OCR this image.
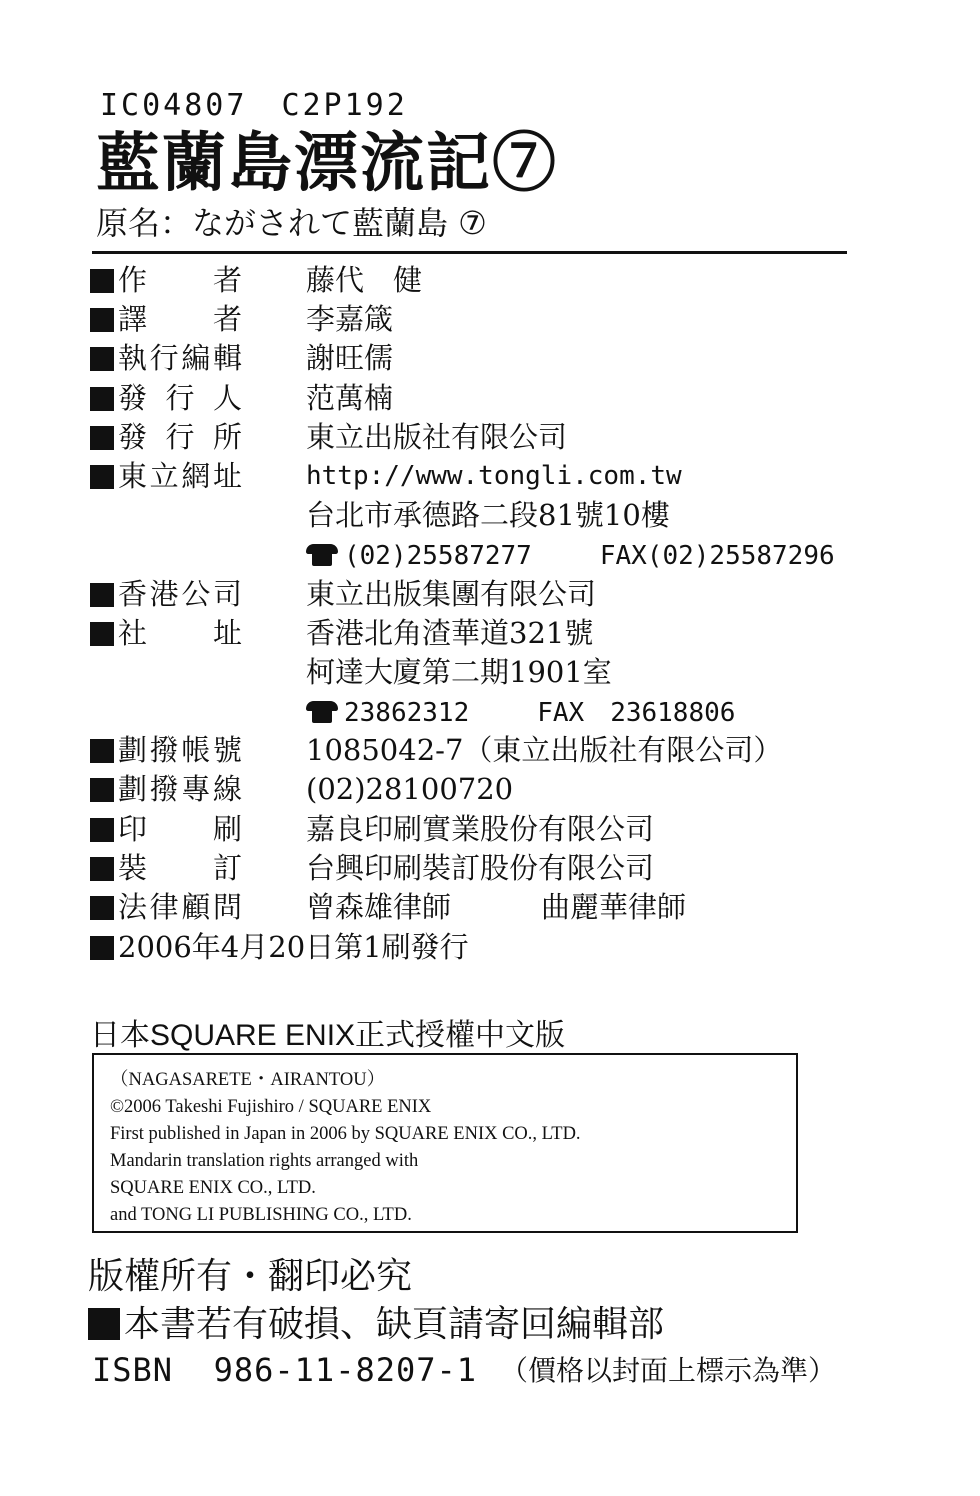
IC04807 C2P192
藍蘭島漂流記⑦
原名：ながされて藍蘭島 ⑦
作者 藤代　健
譯者 李嘉箴
執行編輯 謝旺儒
發行人 范萬楠
發行所 東立出版社有限公司
東立網址 http://www.tongli.com.tw
台北市承德路二段81號10樓
(02)25587277	FAX(02)25587296
香港公司 東立出版集團有限公司
社址 香港北角渣華道321號
柯達大廈第二期1901室
23862312	FAX　23618806
劃撥帳號 1085042-7（東立出版社有限公司）
劃撥專線 (02)28100720
印刷 嘉良印刷實業股份有限公司
裝訂 台興印刷裝訂股份有限公司
法律顧問 曾森雄律師	曲麗華律師
2006年4月20日第1刷發行
日本SQUARE ENIX正式授權中文版
（NAGASARETE・AIRANTOU）
©2006 Takeshi Fujishiro / SQUARE ENIX
First published in Japan in 2006 by SQUARE ENIX CO., LTD.
Mandarin translation rights arranged with
SQUARE ENIX CO., LTD.
and TONG LI PUBLISHING CO., LTD.
版權所有・翻印必究
本書若有破損、缺頁請寄回編輯部
ISBN  986-11-8207-1 （價格以封面上標示為準）
